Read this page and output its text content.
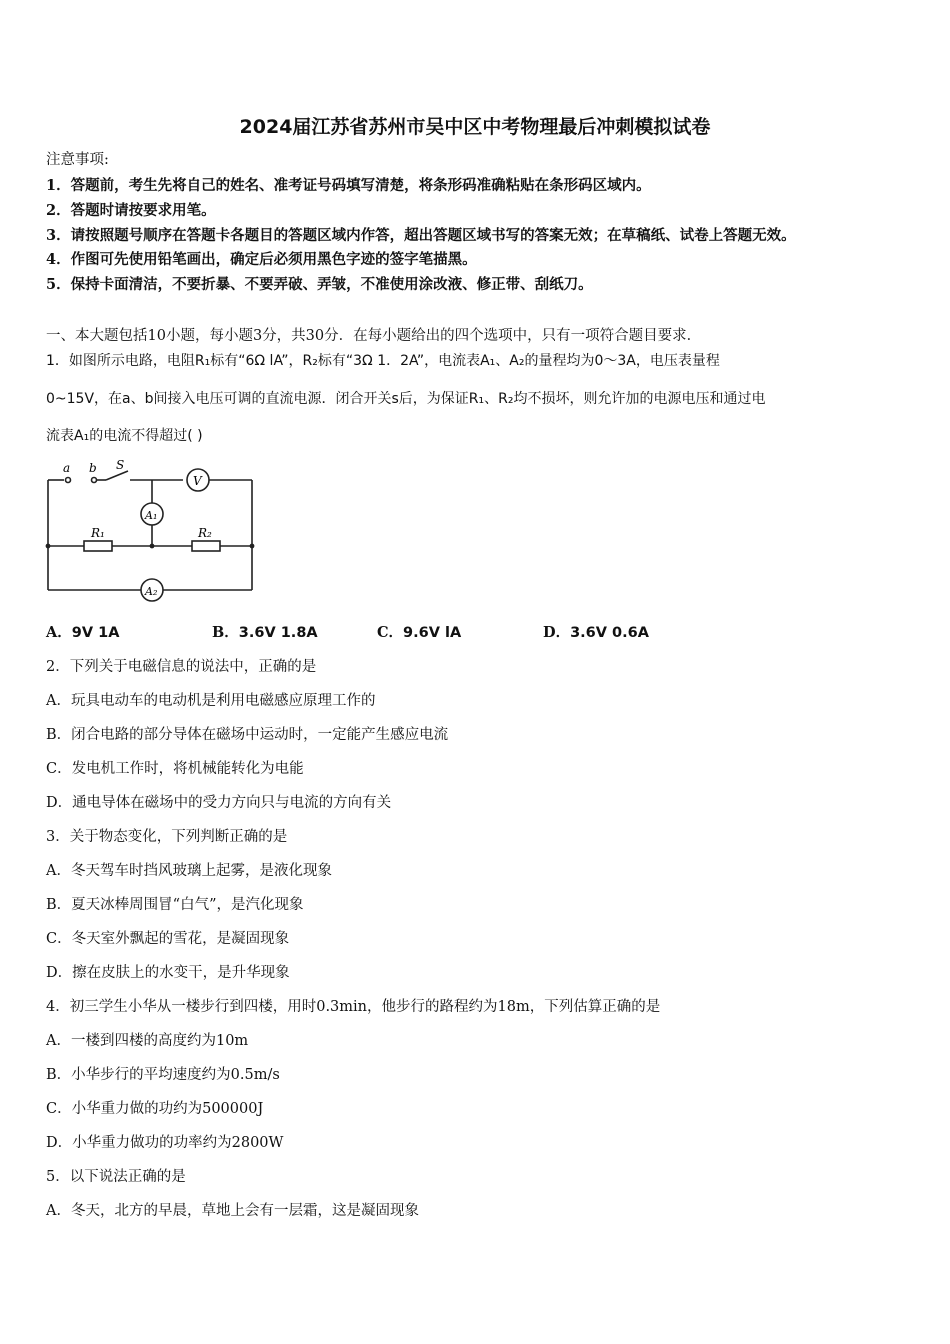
2024届江苏省苏州市吴中区中考物理最后冲刺模拟试卷
注意事项:
1．答题前，考生先将自己的姓名、准考证号码填写清楚，将条形码准确粘贴在条形码区域内。
2．答题时请按要求用笔。
3．请按照题号顺序在答题卡各题目的答题区域内作答，超出答题区域书写的答案无效；在草稿纸、试卷上答题无效。
4．作图可先使用铅笔画出，确定后必须用黑色字迹的签字笔描黑。
5．保持卡面清洁，不要折暴、不要弄破、弄皱，不准使用涂改液、修正带、刮纸刀。
一、本大题包括10小题，每小题3分，共30分．在每小题给出的四个选项中，只有一项符合题目要求．
1．如图所示电路，电阻R₁标有“6Ω lA”，R₂标有“3Ω 1．2A”，电流表A₁、A₂的量程均为0～3A，电压表量程
0~15V，在a、b间接入电压可调的直流电源．闭合开关s后，为保证R₁、R₂均不损坏，则允许加的电源电压和通过电
流表A₁的电流不得超过( )
a b S
V
A₁
A₂
R₁	R₂
A．9V 1A	B．3.6V 1.8A	C．9.6V lA	D．3.6V 0.6A
2．下列关于电磁信息的说法中，正确的是
A．玩具电动车的电动机是利用电磁感应原理工作的
B．闭合电路的部分导体在磁场中运动时，一定能产生感应电流
C．发电机工作时，将机械能转化为电能
D．通电导体在磁场中的受力方向只与电流的方向有关
3．关于物态变化，下列判断正确的是
A．冬天驾车时挡风玻璃上起雾，是液化现象
B．夏天冰棒周围冒“白气”，是汽化现象
C．冬天室外飘起的雪花，是凝固现象
D．擦在皮肤上的水变干，是升华现象
4．初三学生小华从一楼步行到四楼，用时0.3min，他步行的路程约为18m，下列估算正确的是
A．一楼到四楼的高度约为10m
B．小华步行的平均速度约为0.5m/s
C．小华重力做的功约为500000J
D．小华重力做功的功率约为2800W
5．以下说法正确的是
A．冬天，北方的早晨，草地上会有一层霜，这是凝固现象
